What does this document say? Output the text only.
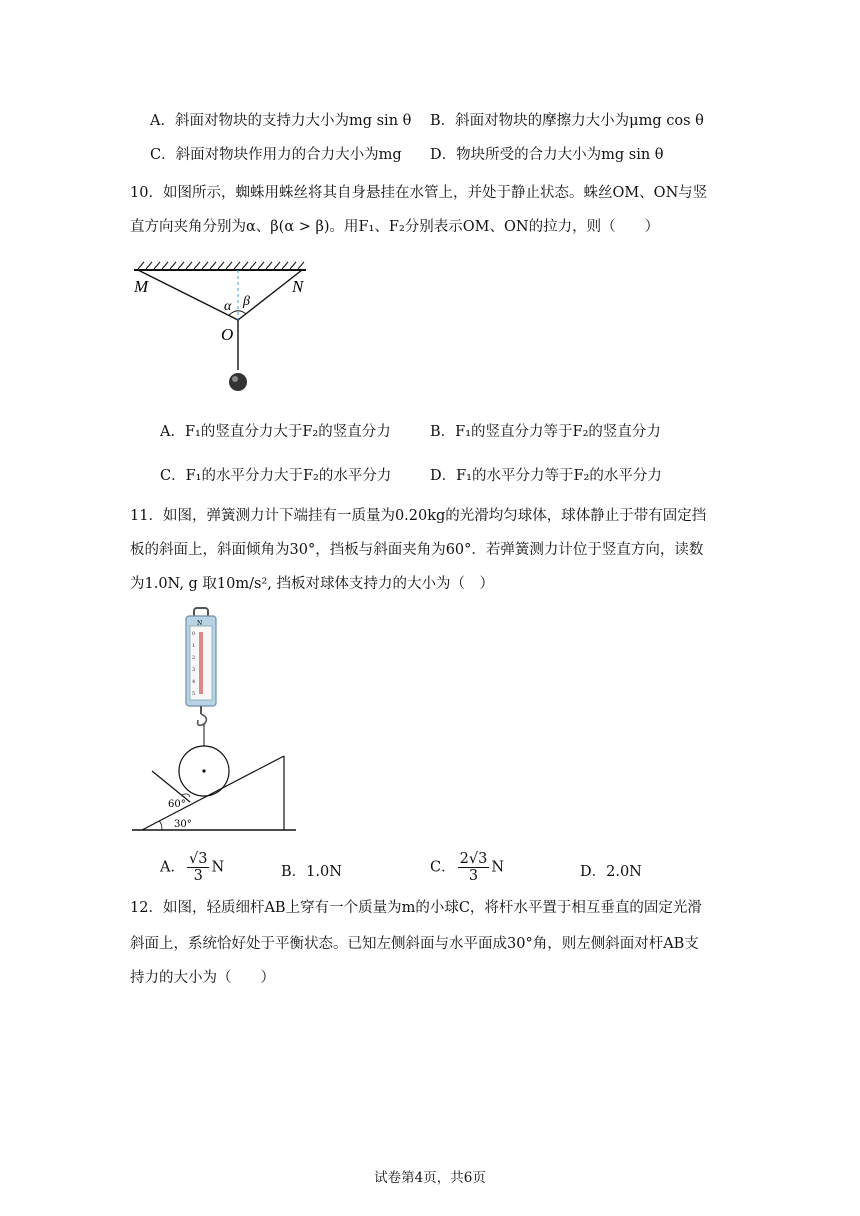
A．斜面对物块的支持力大小为mg sin θ B．斜面对物块的摩擦力大小为μmg cos θ
C．斜面对物块作用力的合力大小为mg D．物块所受的合力大小为mg sin θ
10．如图所示，蜘蛛用蛛丝将其自身悬挂在水管上，并处于静止状态。蛛丝OM、ON与竖
直方向夹角分别为α、β(α > β)。用F₁、F₂分别表示OM、ON的拉力，则（　　）
M	N
O
α β
A．F₁的竖直分力大于F₂的竖直分力	B．F₁的竖直分力等于F₂的竖直分力
C．F₁的水平分力大于F₂的水平分力	D．F₁的水平分力等于F₂的水平分力
11．如图，弹簧测力计下端挂有一质量为0.20kg的光滑均匀球体，球体静止于带有固定挡
板的斜面上，斜面倾角为30°，挡板与斜面夹角为60°．若弹簧测力计位于竖直方向，读数
为1.0N, g 取10m/s², 挡板对球体支持力的大小为（　）
N
0
1
2
3
4
5
60°
30°
A． $\frac{√3}{3}$ N	B．1.0N	C． $\frac{2√3}{3}$ N	D．2.0N
12．如图，轻质细杆AB上穿有一个质量为m的小球C，将杆水平置于相互垂直的固定光滑
斜面上，系统恰好处于平衡状态。已知左侧斜面与水平面成30°角，则左侧斜面对杆AB支
持力的大小为（　　）
试卷第4页，共6页
